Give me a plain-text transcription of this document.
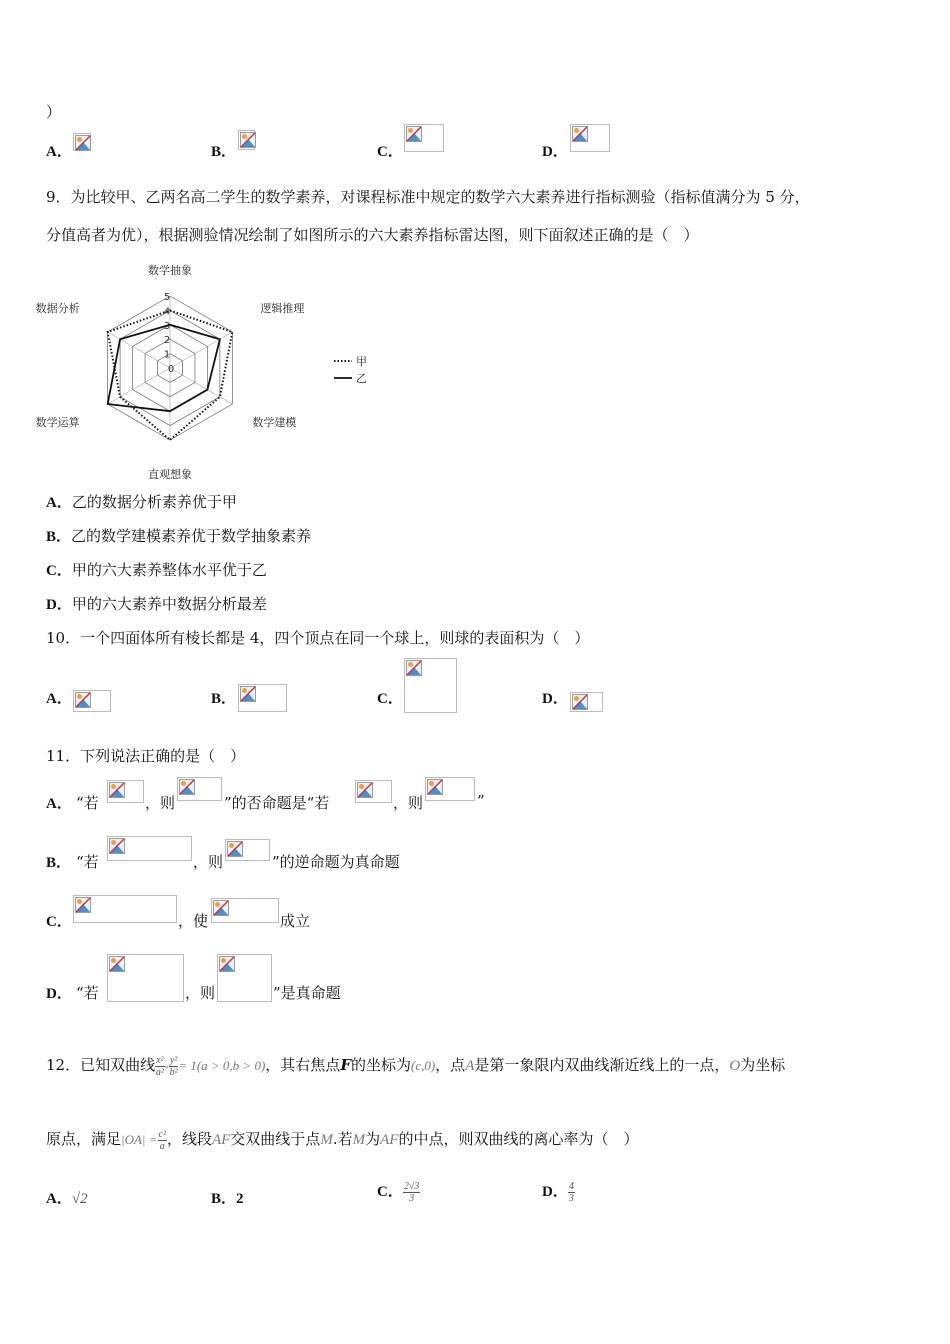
）
A．	B．	C．	D．
9．为比较甲、乙两名高二学生的数学素养，对课程标准中规定的数学六大素养进行指标测验（指标值满分为 5 分，
分值高者为优），根据测验情况绘制了如图所示的六大素养指标雷达图，则下面叙述正确的是（　）
0
1
2
3
4
5
数学抽象
逻辑推理
数学建模
直观想象
数学运算
数据分析
甲
乙
A．乙的数据分析素养优于甲
B．乙的数学建模素养优于数学抽象素养
C．甲的六大素养整体水平优于乙
D．甲的六大素养中数据分析最差
10．一个四面体所有棱长都是 4，四个顶点在同一个球上，则球的表面积为（　）
A．	B．	C．	D．
11．下列说法正确的是（　）
A． “若	，则	”的否命题是“若	，则	”
B． “若	，则	”的逆命题为真命题
C．	，使	成立
D． “若	，则	”是真命题
12．已知双曲线 $\frac{\text{x²}}{\text{a²}} - \frac{\text{y²}}{\text{b²}} = 1(a > 0,b > 0)$，其右焦点F的坐标为(c,0)，点A是第一象限内双曲线渐近线上的一点，O为坐标
原点，满足$|OA| = \frac{\text{c²}}{a}$ ，线段AF交双曲线于点M.若M为AF的中点，则双曲线的离心率为（　）
A．√2	B．2	C． $\frac{2√3}{3}$	D． $\frac{4}{3}$
